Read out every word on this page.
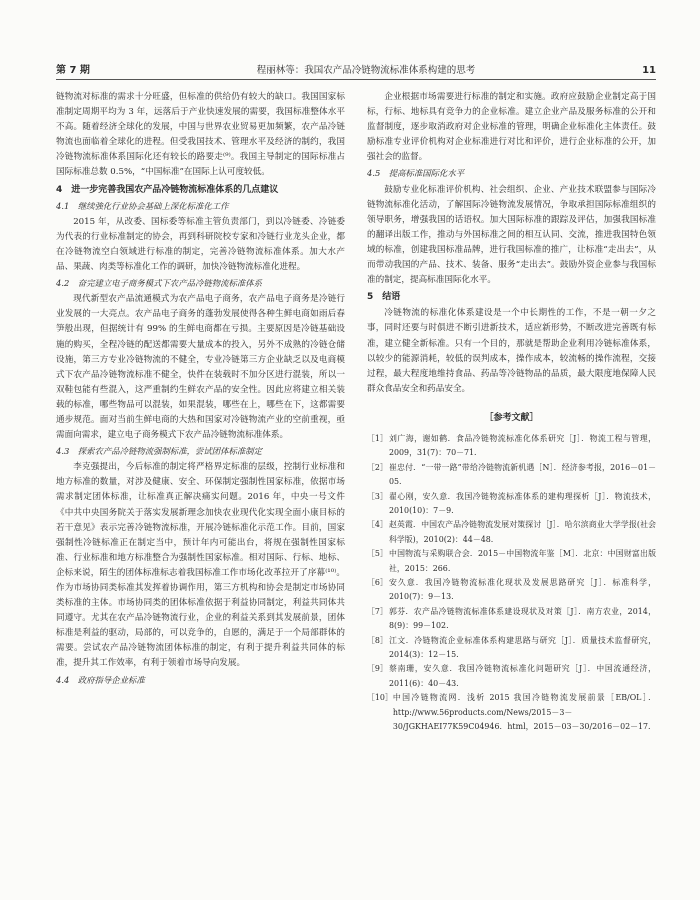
第 7 期	程丽林等：我国农产品冷链物流标准体系构建的思考	11

链物流对标准的需求十分旺盛，但标准的供给仍有较大的缺口。我国国家标准制定周期平均为 3 年，远落后于产业快速发展的需要，我国标准整体水平不高。随着经济全球化的发展，中国与世界农业贸易更加频繁，农产品冷链物流也面临着全球化的进程。但受我国技术、管理水平及经济的制约，我国冷链物流标准体系国际化还有较长的路要走⁽⁹⁾。我国主导制定的国际标准占国际标准总数 0.5%，“中国标准”在国际上认可度较低。

4　进一步完善我国农产品冷链物流标准体系的几点建议
4.1　继续強化行业协会基础上深化标准化工作

2015 年，从改委、国标委等标准主管负责部门，到以冷链委、冷链委为代表的行业标准制定的协会，再到科研院校专家和冷链行业龙头企业，都在冷链物流空白领域进行标准的制定，完善冷链物流标准体系。加大水产品、果蔬、肉类等标准化工作的调研，加快冷链物流标准化进程。

4.2　奋完建立电子商务模式下农产品冷链物流标准体系

现代新型农产品流通模式为农产品电子商务，农产品电子商务是冷链行业发展的一大亮点。农产品电子商务的蓬勃发展使得各种生鲜电商如雨后春笋般出现，但据统计有 99% 的生鲜电商都在亏损。主要原因是冷链基础设施的购买，全程冷链的配送都需要大量成本的投入，另外不成熟的冷链仓储设施，第三方专业冷链物流的不健全，专业冷链第三方企业缺乏以及电商模式下农产品冷链物流标准不健全，快件在装载时不加分区进行混装，所以一双鞋包能有些混入，这严重制约生鲜农产品的安全性。因此应将建立相关装载的标准，哪些物品可以混装，如果混装，哪些在上，哪些在下，这都需要通步规范。面对当前生鲜电商的大热和国家对冷链物流产业的空前重视，亟需面向需求，建立电子商务模式下农产品冷链物流标准体系。

4.3　探索农产品冷链物流强制标准，尝试团体标准制定

李克强提出，今后标准的制定将严格界定标准的层级，控制行业标准和地方标准的数量，对涉及健康、安全、环保制定强制性国家标准，依据市场需求制定团体标准，让标准真正解决痛实问题。2016 年，中央一号文件《中共中央国务院关于落实发展新理念加快农业现代化实现全面小康目标的若干意见》表示完善冷链物流标准，开展冷链标准化示范工作。目前，国家强制性冷链标准正在制定当中，预计年内可能出台，将规在强制性国家标准、行业标准和地方标准整合为强制性国家标准。相对国际、行标、地标、企标来说，陌生的团体标准标志着我国标准工作市场化改革拉开了序幕⁽¹⁰⁾。作为市场协同类标准其发挥着协调作用，第三方机构和协会是制定市场协同类标准的主体。市场协同类的团体标准依据于利益协同制定，利益共同体共同遵守。尤其在农产品冷链物流行业，企业的利益关系到其发展前景，团体标准是利益的驱动，局部的，可以竞争的，自愿的，满足于一个局部群体的需要。尝试农产品冷链物流团体标准的制定，有利于提升利益共同体的标准，提升其工作效率，有利于领着市场导向发展。

4.4　政府指导企业标准

企业根据市场需要进行标准的制定和实施。政府应鼓励企业制定高于国标，行标、地标具有竞争力的企业标准。建立企业产品及服务标准的公开和监督制度，逐步取消政府对企业标准的管理，明确企业标准化主体责任。鼓励标准专业评价机构对企业标准进行对比和评价，进行企业标准的公开，加强社会的监督。

4.5　提高标准国际化水平

鼓励专业化标准评价机构、社会组织、企业、产业技术联盟参与国际冷链物流标准化活动，了解国际冷链物流发展情况，争取承担国际标准组织的领导职务，增强我国的话语权。加大国际标准的跟踪及评估，加强我国标准的翻译出版工作，推动与外国标准之间的相互认同、交流，推进我国特色领域的标准，创建我国标准品牌，进行我国标准的推广，让标准“走出去”，从而带动我国的产品、技术、装备、服务“走出去”。鼓励外资企业参与我国标准的制定，提高标准国际化水平。

5　结语

冷链物流的标准化体系建设是一个中长期性的工作，不是一朝一夕之事，同时还要与时俱进不断引进新技术，适应新形势，不断改进完善既有标准，建立健全新标准。只有一个目的，那就是帮助企业利用冷链标准体系，以较少的能源消耗，较低的误判成本，操作成本，较流畅的操作流程，交接过程，最大程度地维持食品、药品等冷链物品的品质，最大限度地保障人民群众食品安全和药品安全。

［参考文献］
［1］ 刘广海，谢如鹤．食品冷链物流标准化体系研究［J］．物流工程与管理，2009，31(7)：70－71.
［2］ 崔忠付．“一带一路”带给冷链物流新机遇［N］．经济参考报，2016－01－05.
［3］ 翟心刚，安久意．我国冷链物流标准体系的建构理探析［J］．物流技术，2010(10)：7－9.
［4］ 赵英霞．中国农产品冷链物流发展对策探讨［J］．哈尔滨商业大学学报(社会科学版)，2010(2)：44－48.
［5］ 中国物流与采购联合会．2015－中国物流年鉴［M］．北京：中国财富出版社，2015：266.
［6］ 安久意．我国冷链物流标准化现状及发展思路研究［J］．标准科学，2010(7)：9－13.
［7］ 郭芬．农产品冷链物流标准体系建设现状及对策［J］．南方农业，2014，8(9)：99－102.
［8］ 江文．冷链物流企业标准体系构建思路与研究［J］．质量技术监督研究，2014(3)：12－15.
［9］ 蔡南珊，安久意．我国冷链物流标准化问题研究［J］．中国流通经济，2011(6)：40－43.
［10］ 中国冷链物流网．浅析 2015 我国冷链物流发展前景［EB/OL］．http://www.56products.com/News/2015－3－30/JGKHAEI77K59C04946．html，2015－03－30/2016－02－17.
